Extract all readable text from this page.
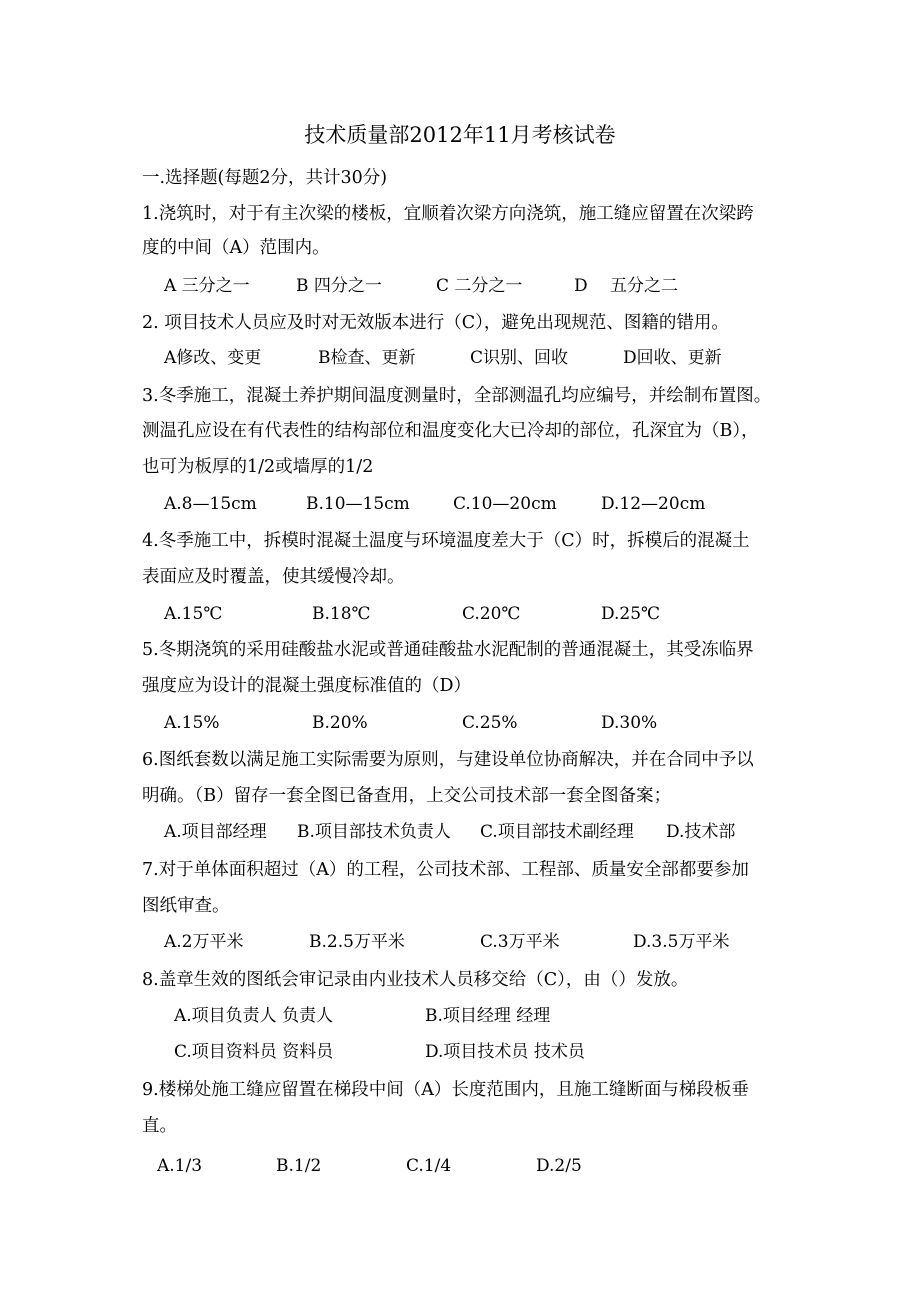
技术质量部2012年11月考核试卷
一.选择题(每题2分，共计30分)
1.浇筑时，对于有主次梁的楼板，宜顺着次梁方向浇筑，施工缝应留置在次梁跨
度的中间（A）范围内。
A 三分之一	B 四分之一	C 二分之一	D　 五分之二
2. 项目技术人员应及时对无效版本进行（C），避免出现规范、图籍的错用。
A修改、变更	B检查、更新	C识别、回收	D回收、更新
3.冬季施工，混凝土养护期间温度测量时，全部测温孔均应编号，并绘制布置图。
测温孔应设在有代表性的结构部位和温度变化大已冷却的部位，孔深宜为（B），
也可为板厚的1/2或墙厚的1/2
A.8—15cm	B.10—15cm	C.10—20cm	D.12—20cm
4.冬季施工中，拆模时混凝土温度与环境温度差大于（C）时，拆模后的混凝土
表面应及时覆盖，使其缓慢冷却。
A.15℃	B.18℃	C.20℃	D.25℃
5.冬期浇筑的采用硅酸盐水泥或普通硅酸盐水泥配制的普通混凝土，其受冻临界
强度应为设计的混凝土强度标准值的（D）
A.15%	B.20%	C.25%	D.30%
6.图纸套数以满足施工实际需要为原则，与建设单位协商解决，并在合同中予以
明确。（B）留存一套全图已备查用，上交公司技术部一套全图备案；
A.项目部经理 B.项目部技术负责人 C.项目部技术副经理 D.技术部
7.对于单体面积超过（A）的工程，公司技术部、工程部、质量安全部都要参加
图纸审查。
A.2万平米	B.2.5万平米	C.3万平米	D.3.5万平米
8.盖章生效的图纸会审记录由内业技术人员移交给（C），由（）发放。
A.项目负责人 负责人	B.项目经理 经理
C.项目资料员 资料员	D.项目技术员 技术员
9.楼梯处施工缝应留置在梯段中间（A）长度范围内，且施工缝断面与梯段板垂
直。
A.1/3	B.1/2	C.1/4	D.2/5
